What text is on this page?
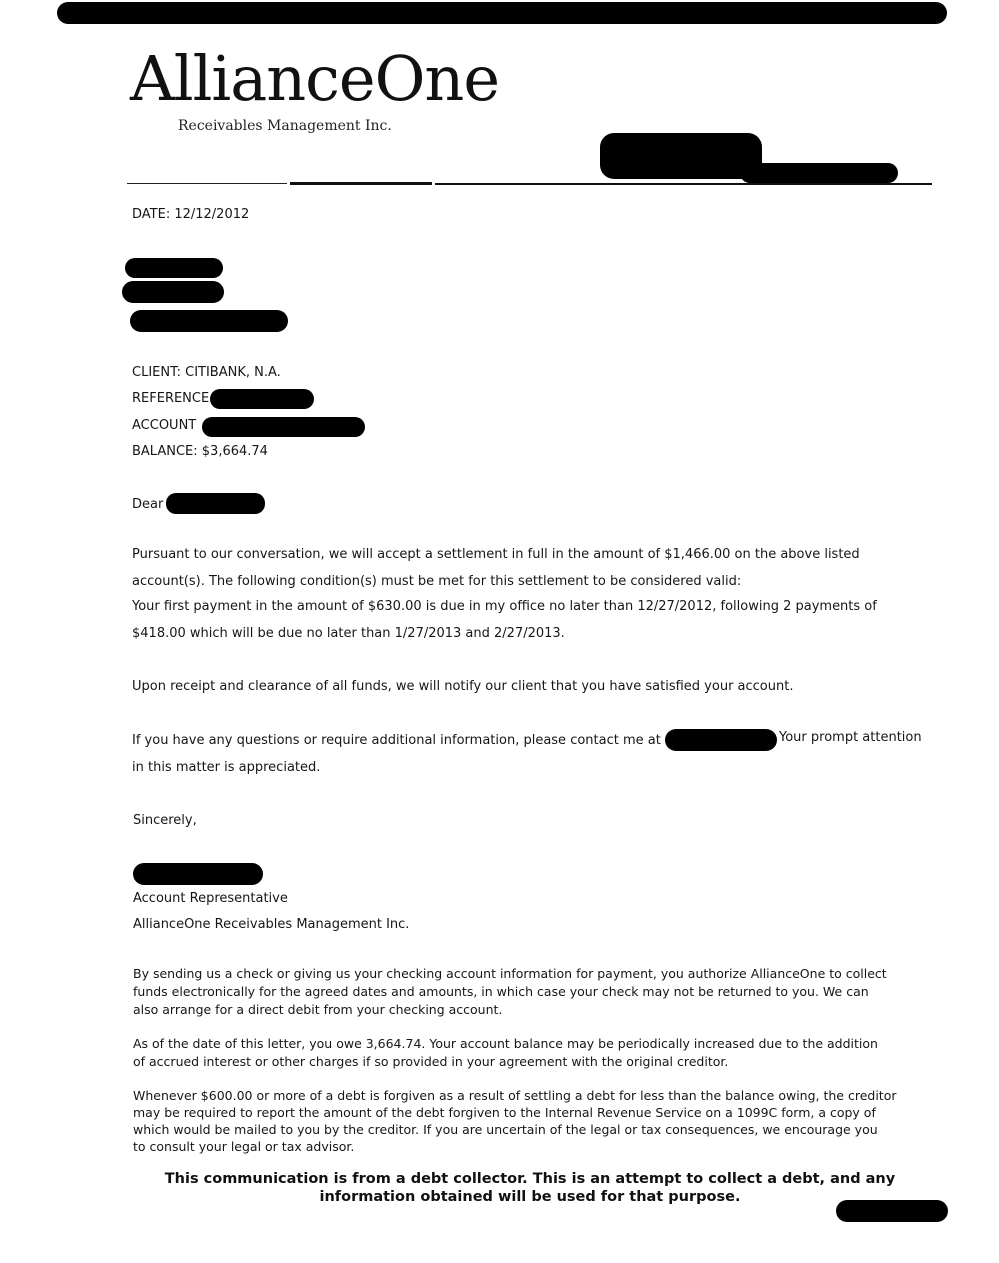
AllianceOne
Receivables Management Inc.
DATE: 12/12/2012
CLIENT: CITIBANK, N.A.
REFERENCE
ACCOUNT
BALANCE: $3,664.74
Dear
Pursuant to our conversation, we will accept a settlement in full in the amount of $1,466.00 on the above listed
account(s). The following condition(s) must be met for this settlement to be considered valid:
Your first payment in the amount of $630.00 is due in my office no later than 12/27/2012, following 2 payments of
$418.00 which will be due no later than 1/27/2013 and 2/27/2013.
Upon receipt and clearance of all funds, we will notify our client that you have satisfied your account.
If you have any questions or require additional information, please contact me at	Your prompt attention
in this matter is appreciated.
Sincerely,
Account Representative
AllianceOne Receivables Management Inc.
By sending us a check or giving us your checking account information for payment, you authorize AllianceOne to collect
funds electronically for the agreed dates and amounts, in which case your check may not be returned to you. We can
also arrange for a direct debit from your checking account.
As of the date of this letter, you owe 3,664.74. Your account balance may be periodically increased due to the addition
of accrued interest or other charges if so provided in your agreement with the original creditor.
Whenever $600.00 or more of a debt is forgiven as a result of settling a debt for less than the balance owing, the creditor
may be required to report the amount of the debt forgiven to the Internal Revenue Service on a 1099C form, a copy of
which would be mailed to you by the creditor. If you are uncertain of the legal or tax consequences, we encourage you
to consult your legal or tax advisor.
This communication is from a debt collector. This is an attempt to collect a debt, and any
information obtained will be used for that purpose.
